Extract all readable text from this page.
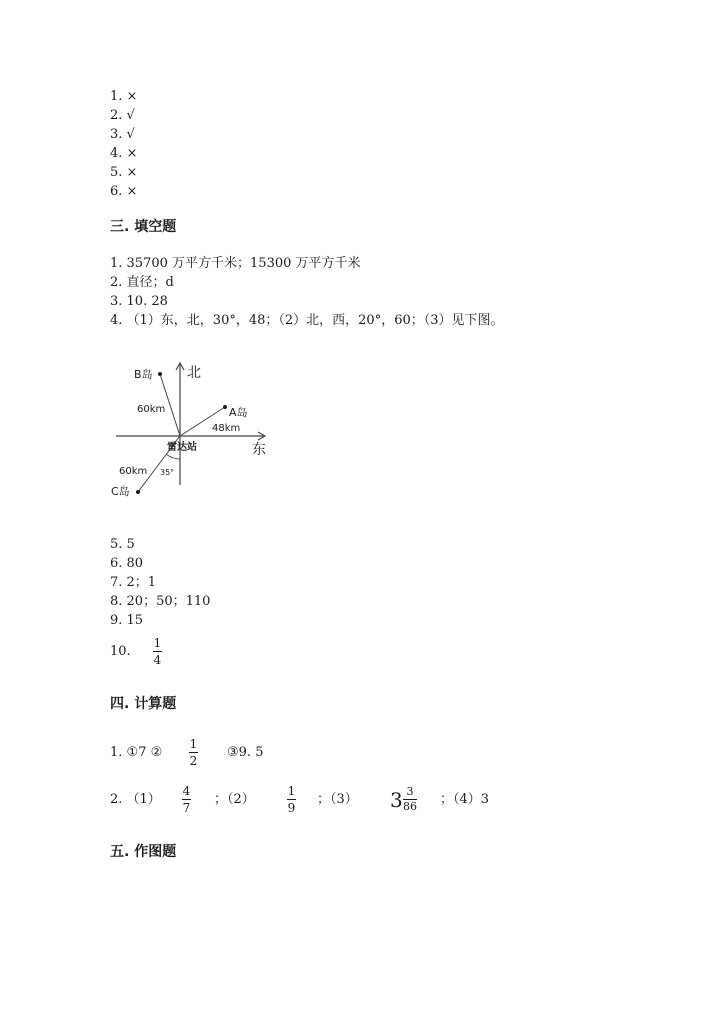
1. ×
2. √
3. √
4. ×
5. ×
6. ×
三. 填空题
1. 35700 万平方千米；15300 万平方千米
2. 直径；d
3. 10. 28
4. （1）东，北，30°，48；（2）北，西，20°，60；（3）见下图。
北
东
B岛
A岛
C岛
60km
48km
60km 35°
雷达站
5. 5
6. 80
7. 2；1
8. 20；50；110
9. 15
10.
1
4
四. 计算题
1. ①7 ②
1
2
③9. 5
2. （1）
4
7
；（2）
1
9
；（3） 3 3
86 ；（4）3
五. 作图题
